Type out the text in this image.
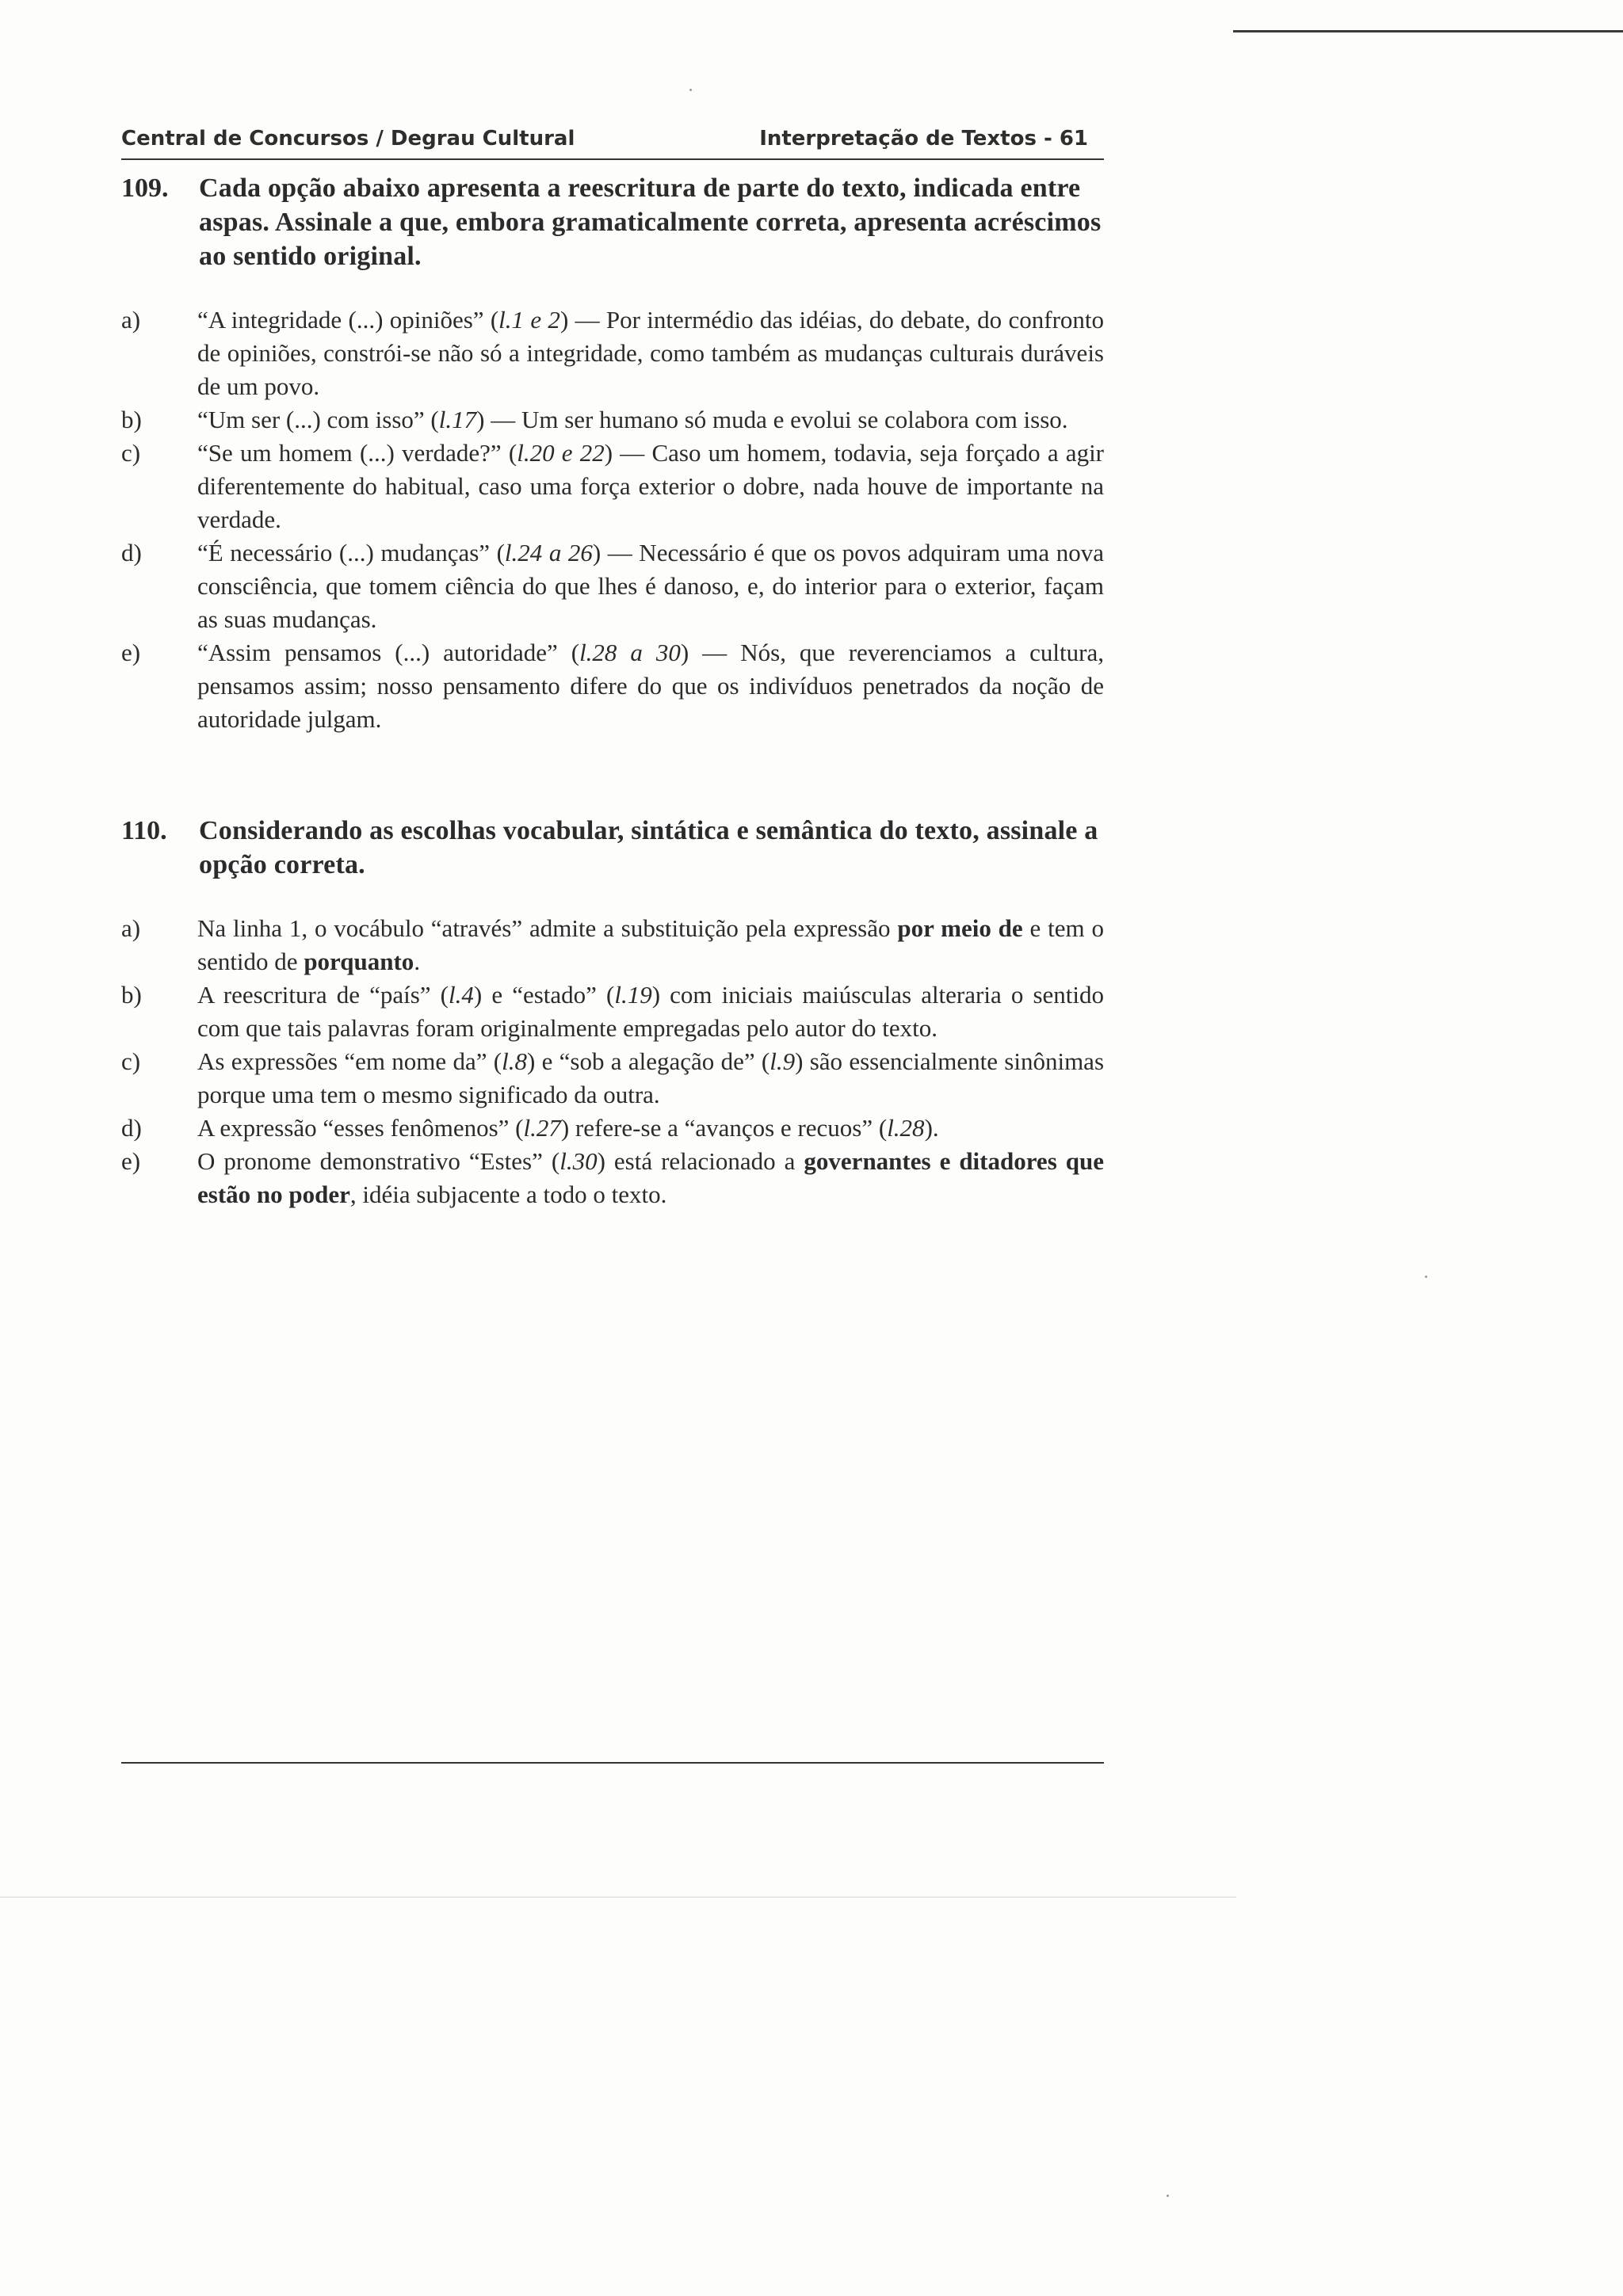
Central de Concursos / Degrau Cultural	Interpretação de Textos - 61
109.	Cada opção abaixo apresenta a reescritura de parte do texto, indicada entre aspas. Assinale a que, embora gramaticalmente correta, apresenta acréscimos ao sentido original.
a)	“A integridade (...) opiniões” (l.1 e 2) — Por intermédio das idéias, do debate, do confronto de opiniões, constrói-se não só a integridade, como também as mudanças culturais duráveis de um povo.
b)	“Um ser (...) com isso” (l.17) — Um ser humano só muda e evolui se colabora com isso.
c)	“Se um homem (...) verdade?” (l.20 e 22) — Caso um homem, todavia, seja forçado a agir diferentemente do habitual, caso uma força exterior o dobre, nada houve de importante na verdade.
d)	“É necessário (...) mudanças” (l.24 a 26) — Necessário é que os povos adquiram uma nova consciência, que tomem ciência do que lhes é danoso, e, do interior para o exterior, façam as suas mudanças.
e)	“Assim pensamos (...) autoridade” (l.28 a 30) — Nós, que reverenciamos a cultura, pensamos assim; nosso pensamento difere do que os indivíduos penetrados da noção de autoridade julgam.
110.	Considerando as escolhas vocabular, sintática e semântica do texto, assinale a opção correta.
a)	Na linha 1, o vocábulo “através” admite a substituição pela expressão por meio de e tem o sentido de porquanto.
b)	A reescritura de “país” (l.4) e “estado” (l.19) com iniciais maiúsculas alteraria o sentido com que tais palavras foram originalmente empregadas pelo autor do texto.
c)	As expressões “em nome da” (l.8) e “sob a alegação de” (l.9) são essencialmente sinônimas porque uma tem o mesmo significado da outra.
d)	A expressão “esses fenômenos” (l.27) refere-se a “avanços e recuos” (l.28).
e)	O pronome demonstrativo “Estes” (l.30) está relacionado a governantes e ditadores que estão no poder, idéia subjacente a todo o texto.
